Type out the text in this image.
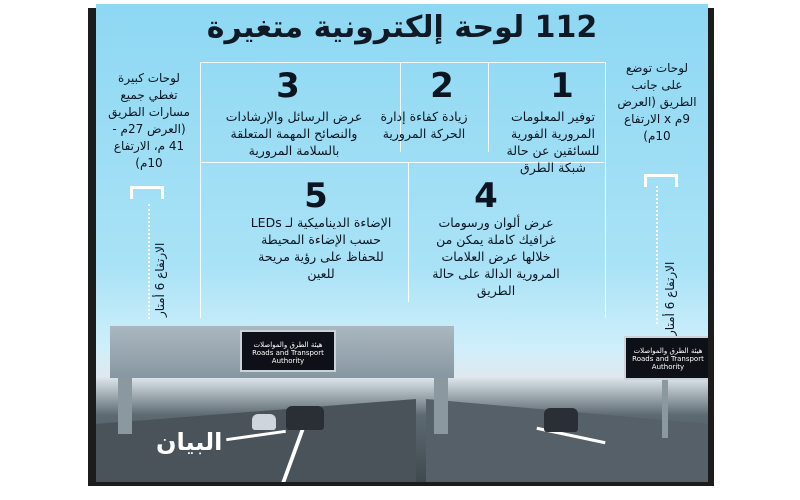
112 لوحة إلكترونية متغيرة
1
توفير المعلومات المرورية الفورية للسائقين عن حالة شبكة الطرق
2
زيادة كفاءة إدارة الحركة المرورية
3
عرض الرسائل والإرشادات والنصائح المهمة المتعلقة بالسلامة المرورية
4
عرض ألوان ورسومات غرافيك كاملة يمكن من خلالها عرض العلامات المرورية الدالة على حالة الطريق
5
الإضاءة الديناميكية لـ LEDs حسب الإضاءة المحيطة للحفاظ على رؤية مريحة للعين
لوحات كبيرة تغطي جميع مسارات الطريق (العرض 27م - 41 م، الارتفاع 10م)
لوحات توضع على جانب الطريق (العرض 9م x الارتفاع 10م)
الارتفاع 6 أمتار
الارتفاع 6 أمتار
هيئة الطرق والمواصلات
Roads and Transport Authority
هيئة الطرق والمواصلات
Roads and Transport Authority
البيان
